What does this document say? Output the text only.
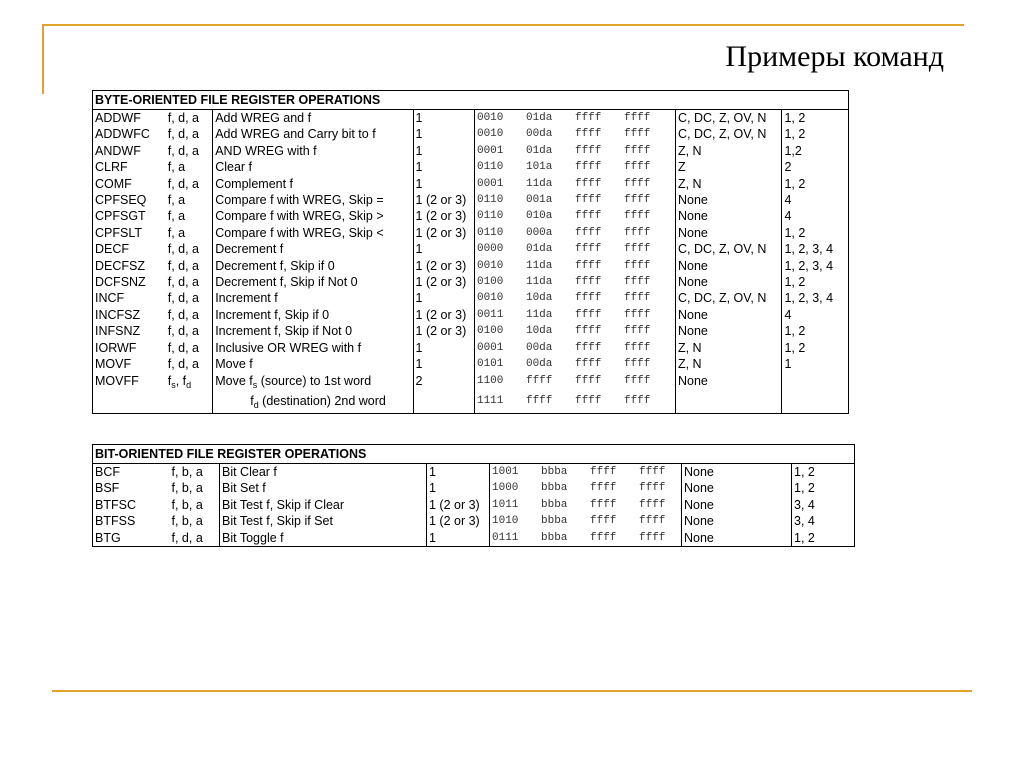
Примеры команд
BYTE-ORIENTED FILE REGISTER OPERATIONS						
ADDWF	f, d, a	Add WREG and f	1	0010 01da ffff ffff	C, DC, Z, OV, N	1, 2
ADDWFC	f, d, a	Add WREG and Carry bit to f	1	0010 00da ffff ffff	C, DC, Z, OV, N	1, 2
ANDWF	f, d, a	AND WREG with f	1	0001 01da ffff ffff	Z, N	1,2
CLRF	f, a	Clear f	1	0110 101a ffff ffff	Z	2
COMF	f, d, a	Complement f	1	0001 11da ffff ffff	Z, N	1, 2
CPFSEQ	f, a	Compare f with WREG, Skip =	1 (2 or 3)	0110 001a ffff ffff	None	4
CPFSGT	f, a	Compare f with WREG, Skip >	1 (2 or 3)	0110 010a ffff ffff	None	4
CPFSLT	f, a	Compare f with WREG, Skip <	1 (2 or 3)	0110 000a ffff ffff	None	1, 2
DECF	f, d, a	Decrement f	1	0000 01da ffff ffff	C, DC, Z, OV, N	1, 2, 3, 4
DECFSZ	f, d, a	Decrement f, Skip if 0	1 (2 or 3)	0010 11da ffff ffff	None	1, 2, 3, 4
DCFSNZ	f, d, a	Decrement f, Skip if Not 0	1 (2 or 3)	0100 11da ffff ffff	None	1, 2
INCF	f, d, a	Increment f	1	0010 10da ffff ffff	C, DC, Z, OV, N	1, 2, 3, 4
INCFSZ	f, d, a	Increment f, Skip if 0	1 (2 or 3)	0011 11da ffff ffff	None	4
INFSNZ	f, d, a	Increment f, Skip if Not 0	1 (2 or 3)	0100 10da ffff ffff	None	1, 2
IORWF	f, d, a	Inclusive OR WREG with f	1	0001 00da ffff ffff	Z, N	1, 2
MOVF	f, d, a	Move f	1	0101 00da ffff ffff	Z, N	1
MOVFF	$f_s$, $f_d$	Move $f_s$ (source) to 1st word	2	1100 ffff ffff ffff	None	
		$f_d$ (destination) 2nd word		1111 ffff ffff ffff		
BIT-ORIENTED FILE REGISTER OPERATIONS						
BCF	f, b, a	Bit Clear f	1	1001 bbba ffff ffff	None	1, 2
BSF	f, b, a	Bit Set f	1	1000 bbba ffff ffff	None	1, 2
BTFSC	f, b, a	Bit Test f, Skip if Clear	1 (2 or 3)	1011 bbba ffff ffff	None	3, 4
BTFSS	f, b, a	Bit Test f, Skip if Set	1 (2 or 3)	1010 bbba ffff ffff	None	3, 4
BTG	f, d, a	Bit Toggle f	1	0111 bbba ffff ffff	None	1, 2
